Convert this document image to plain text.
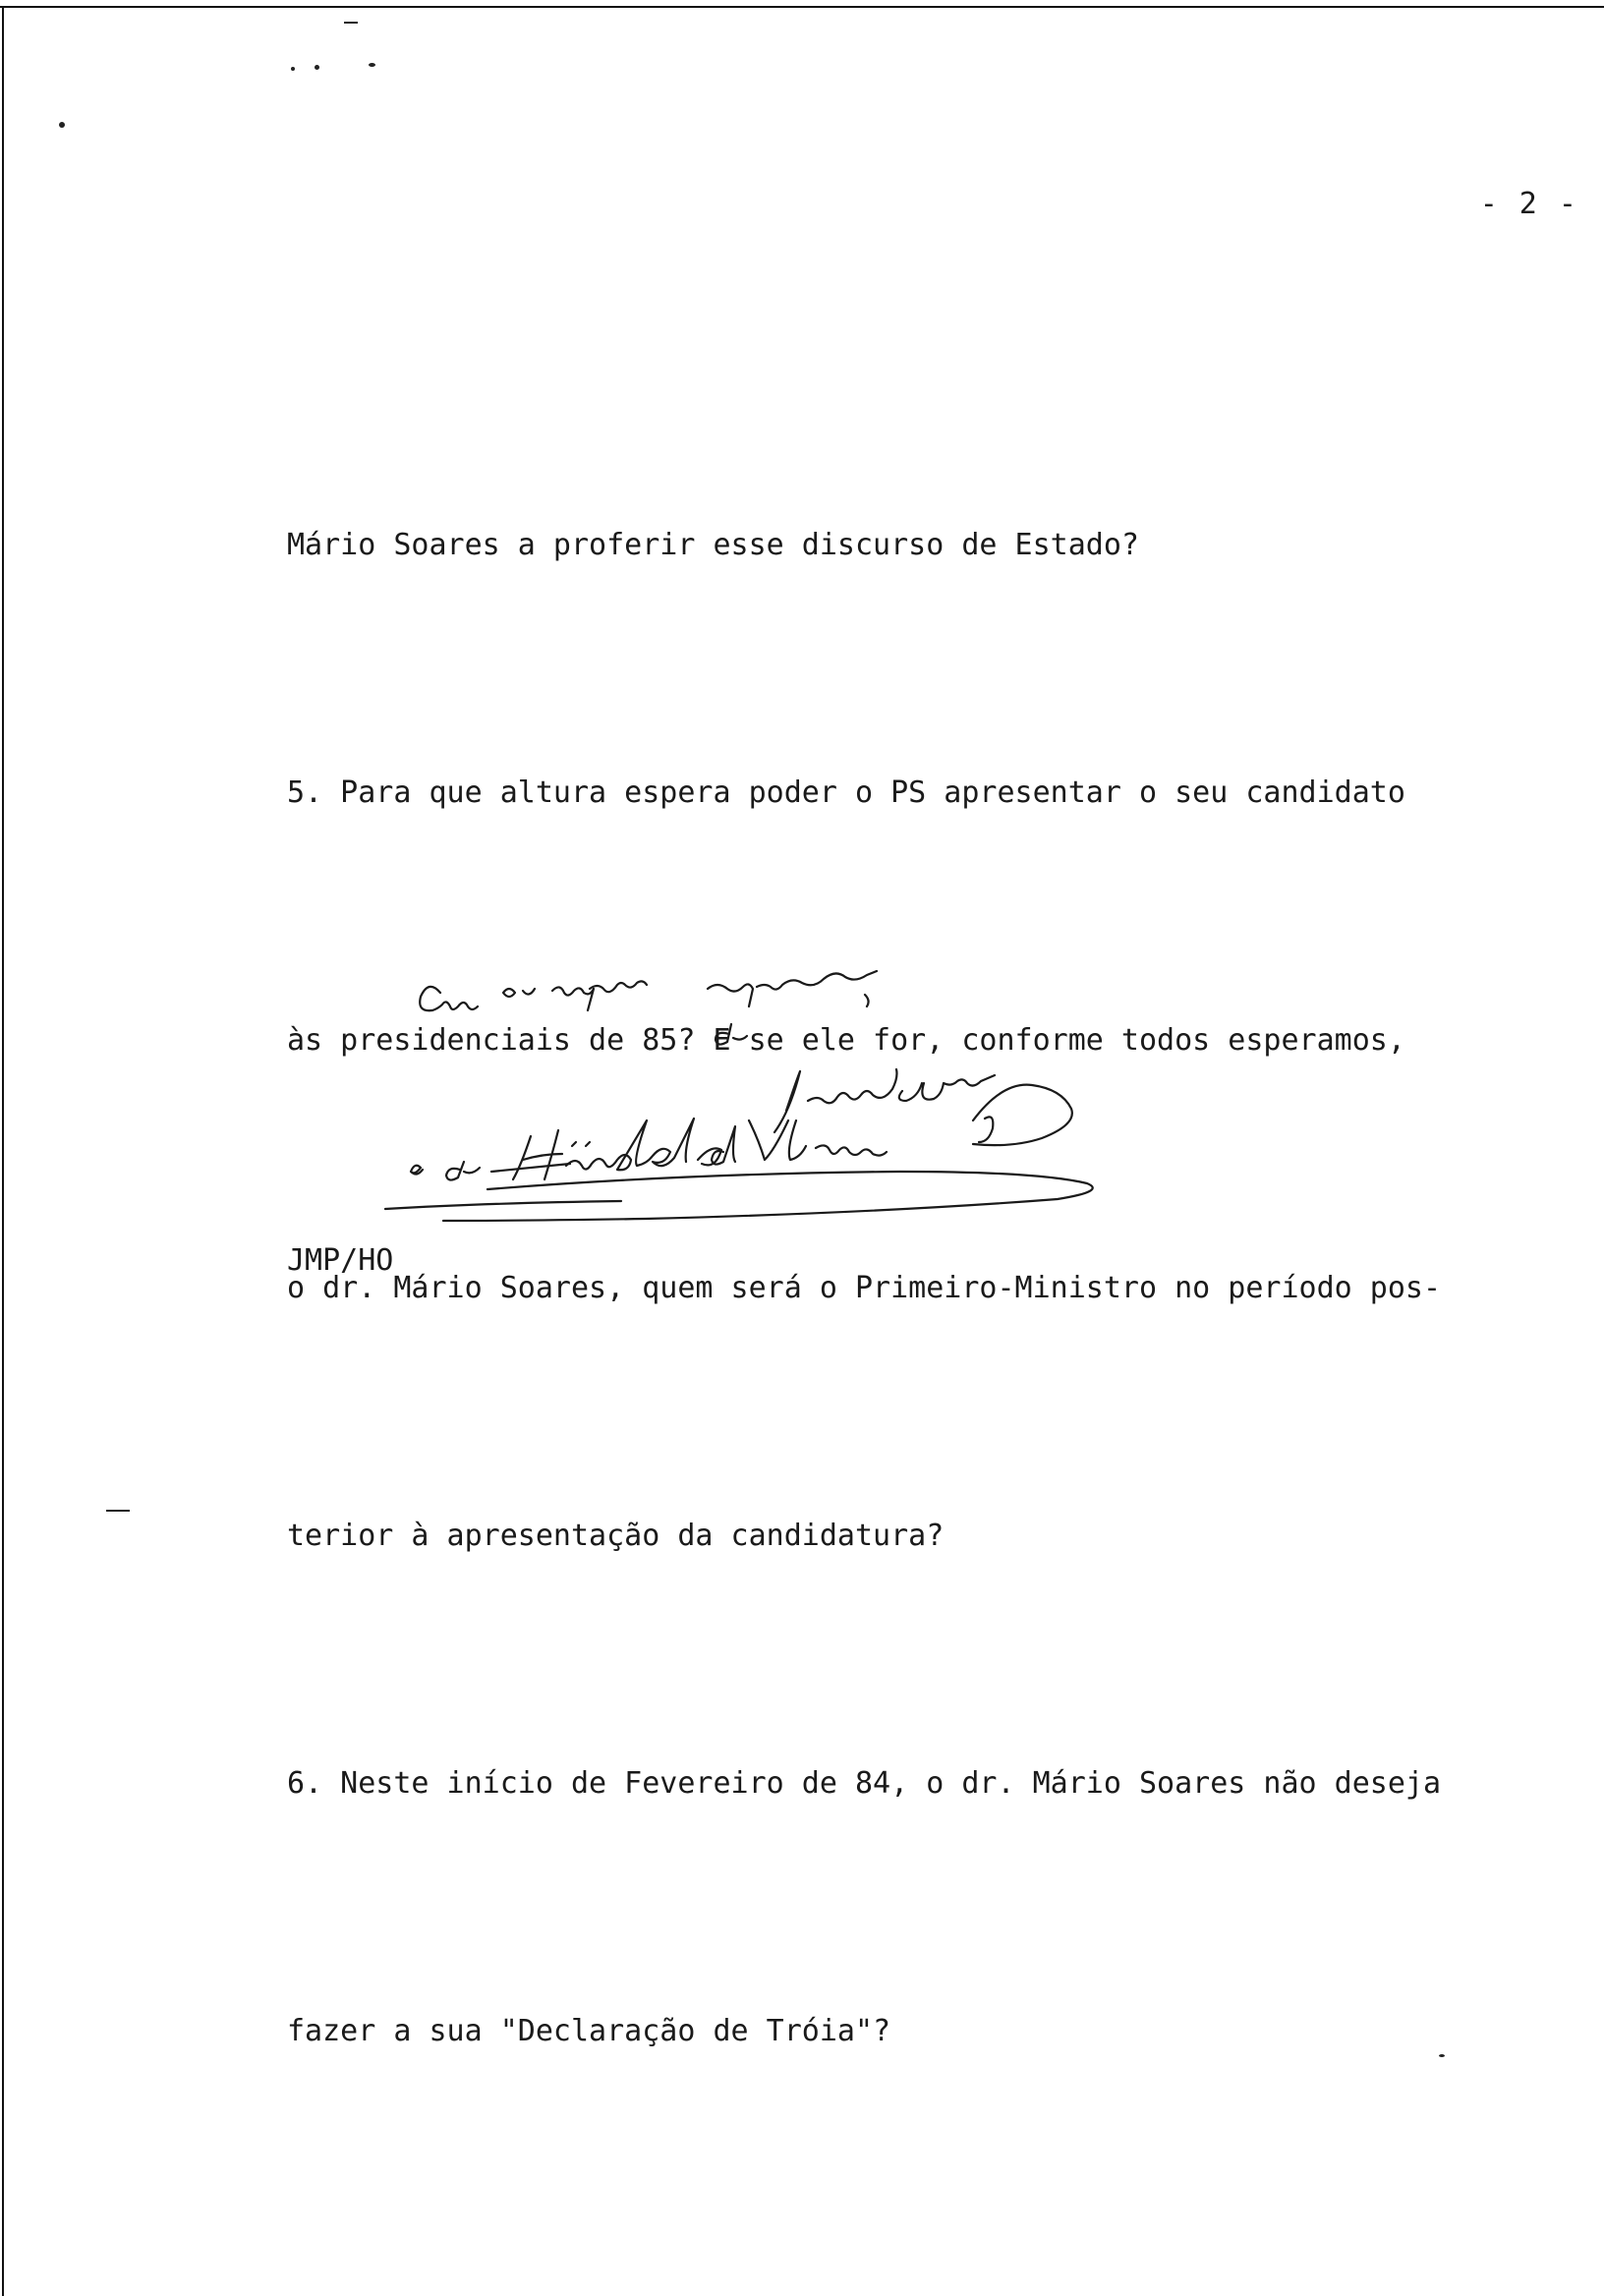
- 2 -

Mário Soares a proferir esse discurso de Estado?

5. Para que altura espera poder o PS apresentar o seu candidato

às presidenciais de 85? E se ele for, conforme todos esperamos,

o dr. Mário Soares, quem será o Primeiro-Ministro no período pos-

terior à apresentação da candidatura?

6. Neste início de Fevereiro de 84, o dr. Mário Soares não deseja

fazer a sua "Declaração de Tróia"?

JMP/HO
